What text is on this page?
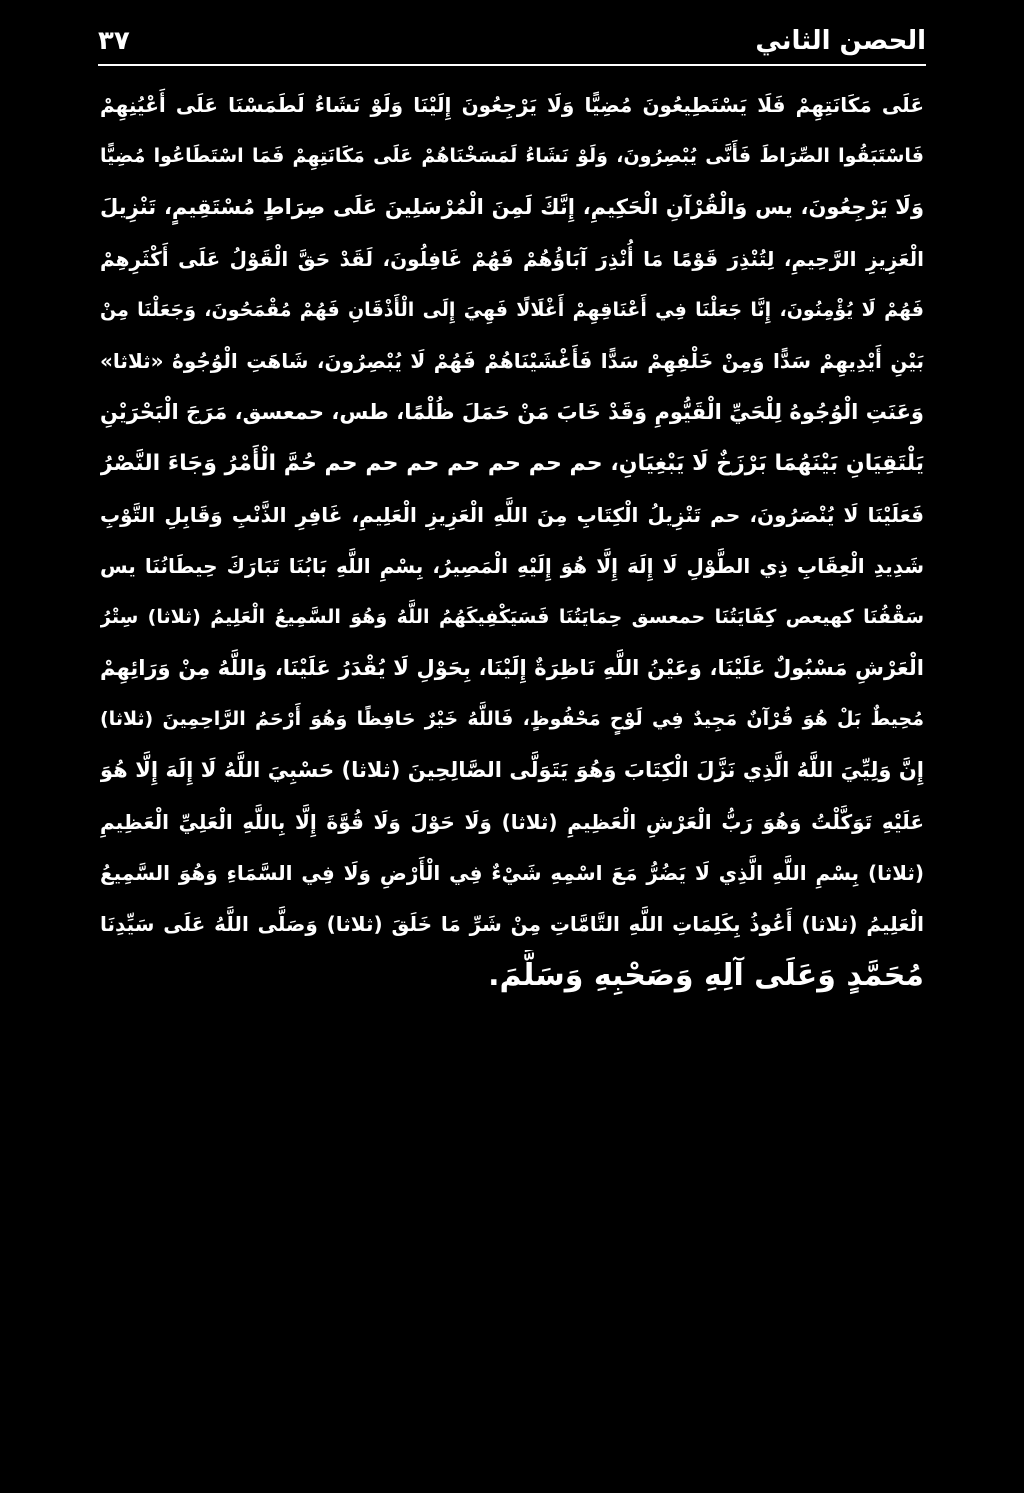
الحصن الثاني
٣٧
عَلَى مَكَانَتِهِمْ فَلَا يَسْتَطِيعُونَ مُضِيًّا وَلَا يَرْجِعُونَ إِلَيْنَا وَلَوْ نَشَاءُ لَطَمَسْنَا عَلَى أَعْيُنِهِمْ
فَاسْتَبَقُوا الصِّرَاطَ فَأَنَّى يُبْصِرُونَ، وَلَوْ نَشَاءُ لَمَسَخْنَاهُمْ عَلَى مَكَانَتِهِمْ فَمَا اسْتَطَاعُوا مُضِيًّا
وَلَا يَرْجِعُونَ، يس وَالْقُرْآنِ الْحَكِيمِ، إِنَّكَ لَمِنَ الْمُرْسَلِينَ عَلَى صِرَاطٍ مُسْتَقِيمٍ، تَنْزِيلَ
الْعَزِيزِ الرَّحِيمِ، لِتُنْذِرَ قَوْمًا مَا أُنْذِرَ آبَاؤُهُمْ فَهُمْ غَافِلُونَ، لَقَدْ حَقَّ الْقَوْلُ عَلَى أَكْثَرِهِمْ
فَهُمْ لَا يُؤْمِنُونَ، إِنَّا جَعَلْنَا فِي أَعْنَاقِهِمْ أَغْلَالًا فَهِيَ إِلَى الْأَذْقَانِ فَهُمْ مُقْمَحُونَ، وَجَعَلْنَا مِنْ
بَيْنِ أَيْدِيهِمْ سَدًّا وَمِنْ خَلْفِهِمْ سَدًّا فَأَغْشَيْنَاهُمْ فَهُمْ لَا يُبْصِرُونَ، شَاهَتِ الْوُجُوهُ «ثلاثا»
وَعَنَتِ الْوُجُوهُ لِلْحَيِّ الْقَيُّومِ وَقَدْ خَابَ مَنْ حَمَلَ ظُلْمًا، طس، حمعسق، مَرَجَ الْبَحْرَيْنِ
يَلْتَقِيَانِ بَيْنَهُمَا بَرْزَخٌ لَا يَبْغِيَانِ، حم حم حم حم حم حم حم حُمَّ الْأَمْرُ وَجَاءَ النَّصْرُ
فَعَلَيْنَا لَا يُنْصَرُونَ، حم تَنْزِيلُ الْكِتَابِ مِنَ اللَّهِ الْعَزِيزِ الْعَلِيمِ، غَافِرِ الذَّنْبِ وَقَابِلِ التَّوْبِ
شَدِيدِ الْعِقَابِ ذِي الطَّوْلِ لَا إِلَهَ إِلَّا هُوَ إِلَيْهِ الْمَصِيرُ، بِسْمِ اللَّهِ بَابُنَا تَبَارَكَ حِيطَانُنَا يس
سَقْفُنَا كهيعص كِفَايَتُنَا حمعسق حِمَايَتُنَا فَسَيَكْفِيكَهُمُ اللَّهُ وَهُوَ السَّمِيعُ الْعَلِيمُ (ثلاثا) سِتْرُ
الْعَرْشِ مَسْبُولٌ عَلَيْنَا، وَعَيْنُ اللَّهِ نَاظِرَةٌ إِلَيْنَا، بِحَوْلِ لَا يُقْدَرُ عَلَيْنَا، وَاللَّهُ مِنْ وَرَائِهِمْ
مُحِيطٌ بَلْ هُوَ قُرْآنٌ مَجِيدٌ فِي لَوْحٍ مَحْفُوظٍ، فَاللَّهُ خَيْرٌ حَافِظًا وَهُوَ أَرْحَمُ الرَّاحِمِينَ (ثلاثا)
إِنَّ وَلِيِّيَ اللَّهُ الَّذِي نَزَّلَ الْكِتَابَ وَهُوَ يَتَوَلَّى الصَّالِحِينَ (ثلاثا) حَسْبِيَ اللَّهُ لَا إِلَهَ إِلَّا هُوَ
عَلَيْهِ تَوَكَّلْتُ وَهُوَ رَبُّ الْعَرْشِ الْعَظِيمِ (ثلاثا) وَلَا حَوْلَ وَلَا قُوَّةَ إِلَّا بِاللَّهِ الْعَلِيِّ الْعَظِيمِ
(ثلاثا) بِسْمِ اللَّهِ الَّذِي لَا يَضُرُّ مَعَ اسْمِهِ شَيْءٌ فِي الْأَرْضِ وَلَا فِي السَّمَاءِ وَهُوَ السَّمِيعُ
الْعَلِيمُ (ثلاثا) أَعُوذُ بِكَلِمَاتِ اللَّهِ التَّامَّاتِ مِنْ شَرِّ مَا خَلَقَ (ثلاثا) وَصَلَّى اللَّهُ عَلَى سَيِّدِنَا
مُحَمَّدٍ وَعَلَى آلِهِ وَصَحْبِهِ وَسَلَّمَ.
